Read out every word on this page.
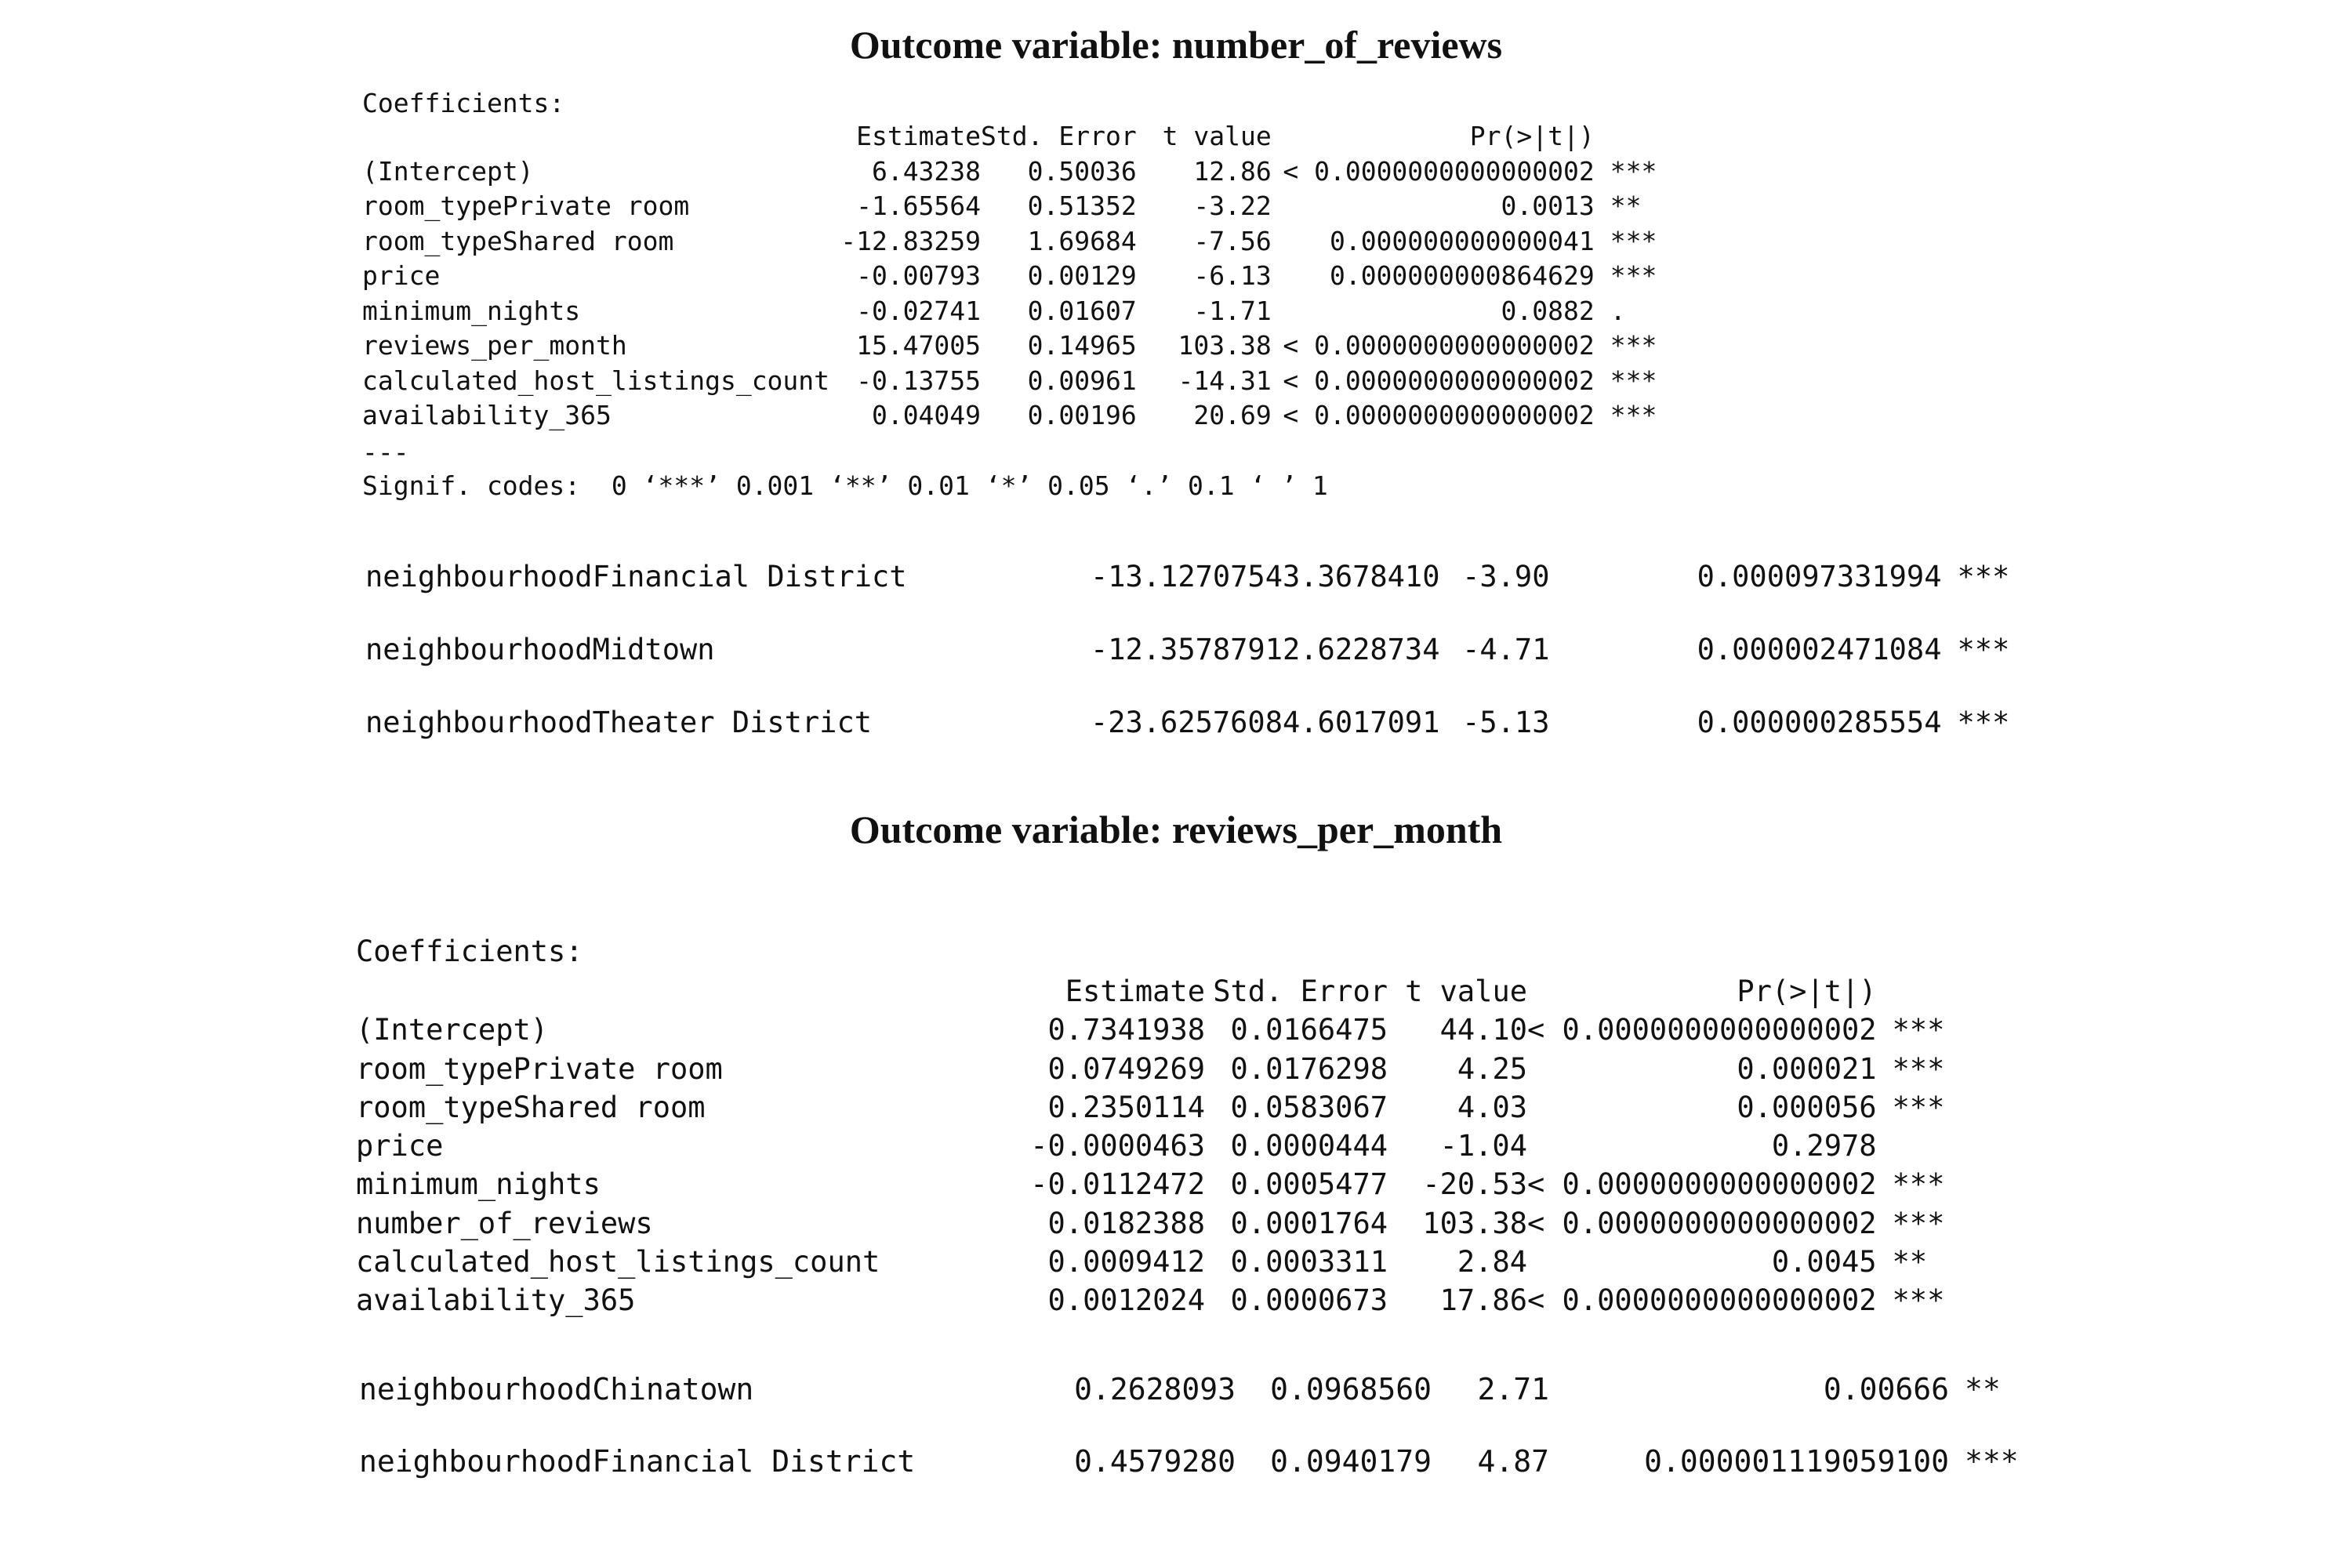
Outcome variable: number_of_reviews
Coefficients:
	Estimate	Std. Error	t value	Pr(>|t|)	
(Intercept)	6.43238	0.50036	12.86	< 0.0000000000000002	***
room_typePrivate room	-1.65564	0.51352	-3.22	0.0013	**
room_typeShared room	-12.83259	1.69684	-7.56	0.000000000000041	***
price	-0.00793	0.00129	-6.13	0.000000000864629	***
minimum_nights	-0.02741	0.01607	-1.71	0.0882	.
reviews_per_month	15.47005	0.14965	103.38	< 0.0000000000000002	***
calculated_host_listings_count	-0.13755	0.00961	-14.31	< 0.0000000000000002	***
availability_365	0.04049	0.00196	20.69	< 0.0000000000000002	***
---
Signif. codes:  0 ‘***’ 0.001 ‘**’ 0.01 ‘*’ 0.05 ‘.’ 0.1 ‘ ’ 1
neighbourhoodFinancial District	-13.1270754	3.3678410	-3.90	0.000097331994	***
neighbourhoodMidtown	-12.3578791	2.6228734	-4.71	0.000002471084	***
neighbourhoodTheater District	-23.6257608	4.6017091	-5.13	0.000000285554	***
Outcome variable: reviews_per_month
Coefficients:
	Estimate	Std. Error	t value	Pr(>|t|)	
(Intercept)	0.7341938	0.0166475	44.10	< 0.0000000000000002	***
room_typePrivate room	0.0749269	0.0176298	4.25	0.000021	***
room_typeShared room	0.2350114	0.0583067	4.03	0.000056	***
price	-0.0000463	0.0000444	-1.04	0.2978	
minimum_nights	-0.0112472	0.0005477	-20.53	< 0.0000000000000002	***
number_of_reviews	0.0182388	0.0001764	103.38	< 0.0000000000000002	***
calculated_host_listings_count	0.0009412	0.0003311	2.84	0.0045	**
availability_365	0.0012024	0.0000673	17.86	< 0.0000000000000002	***
neighbourhoodChinatown	0.2628093	0.0968560	2.71	0.00666	**
neighbourhoodFinancial District	0.4579280	0.0940179	4.87	0.000001119059100	***
